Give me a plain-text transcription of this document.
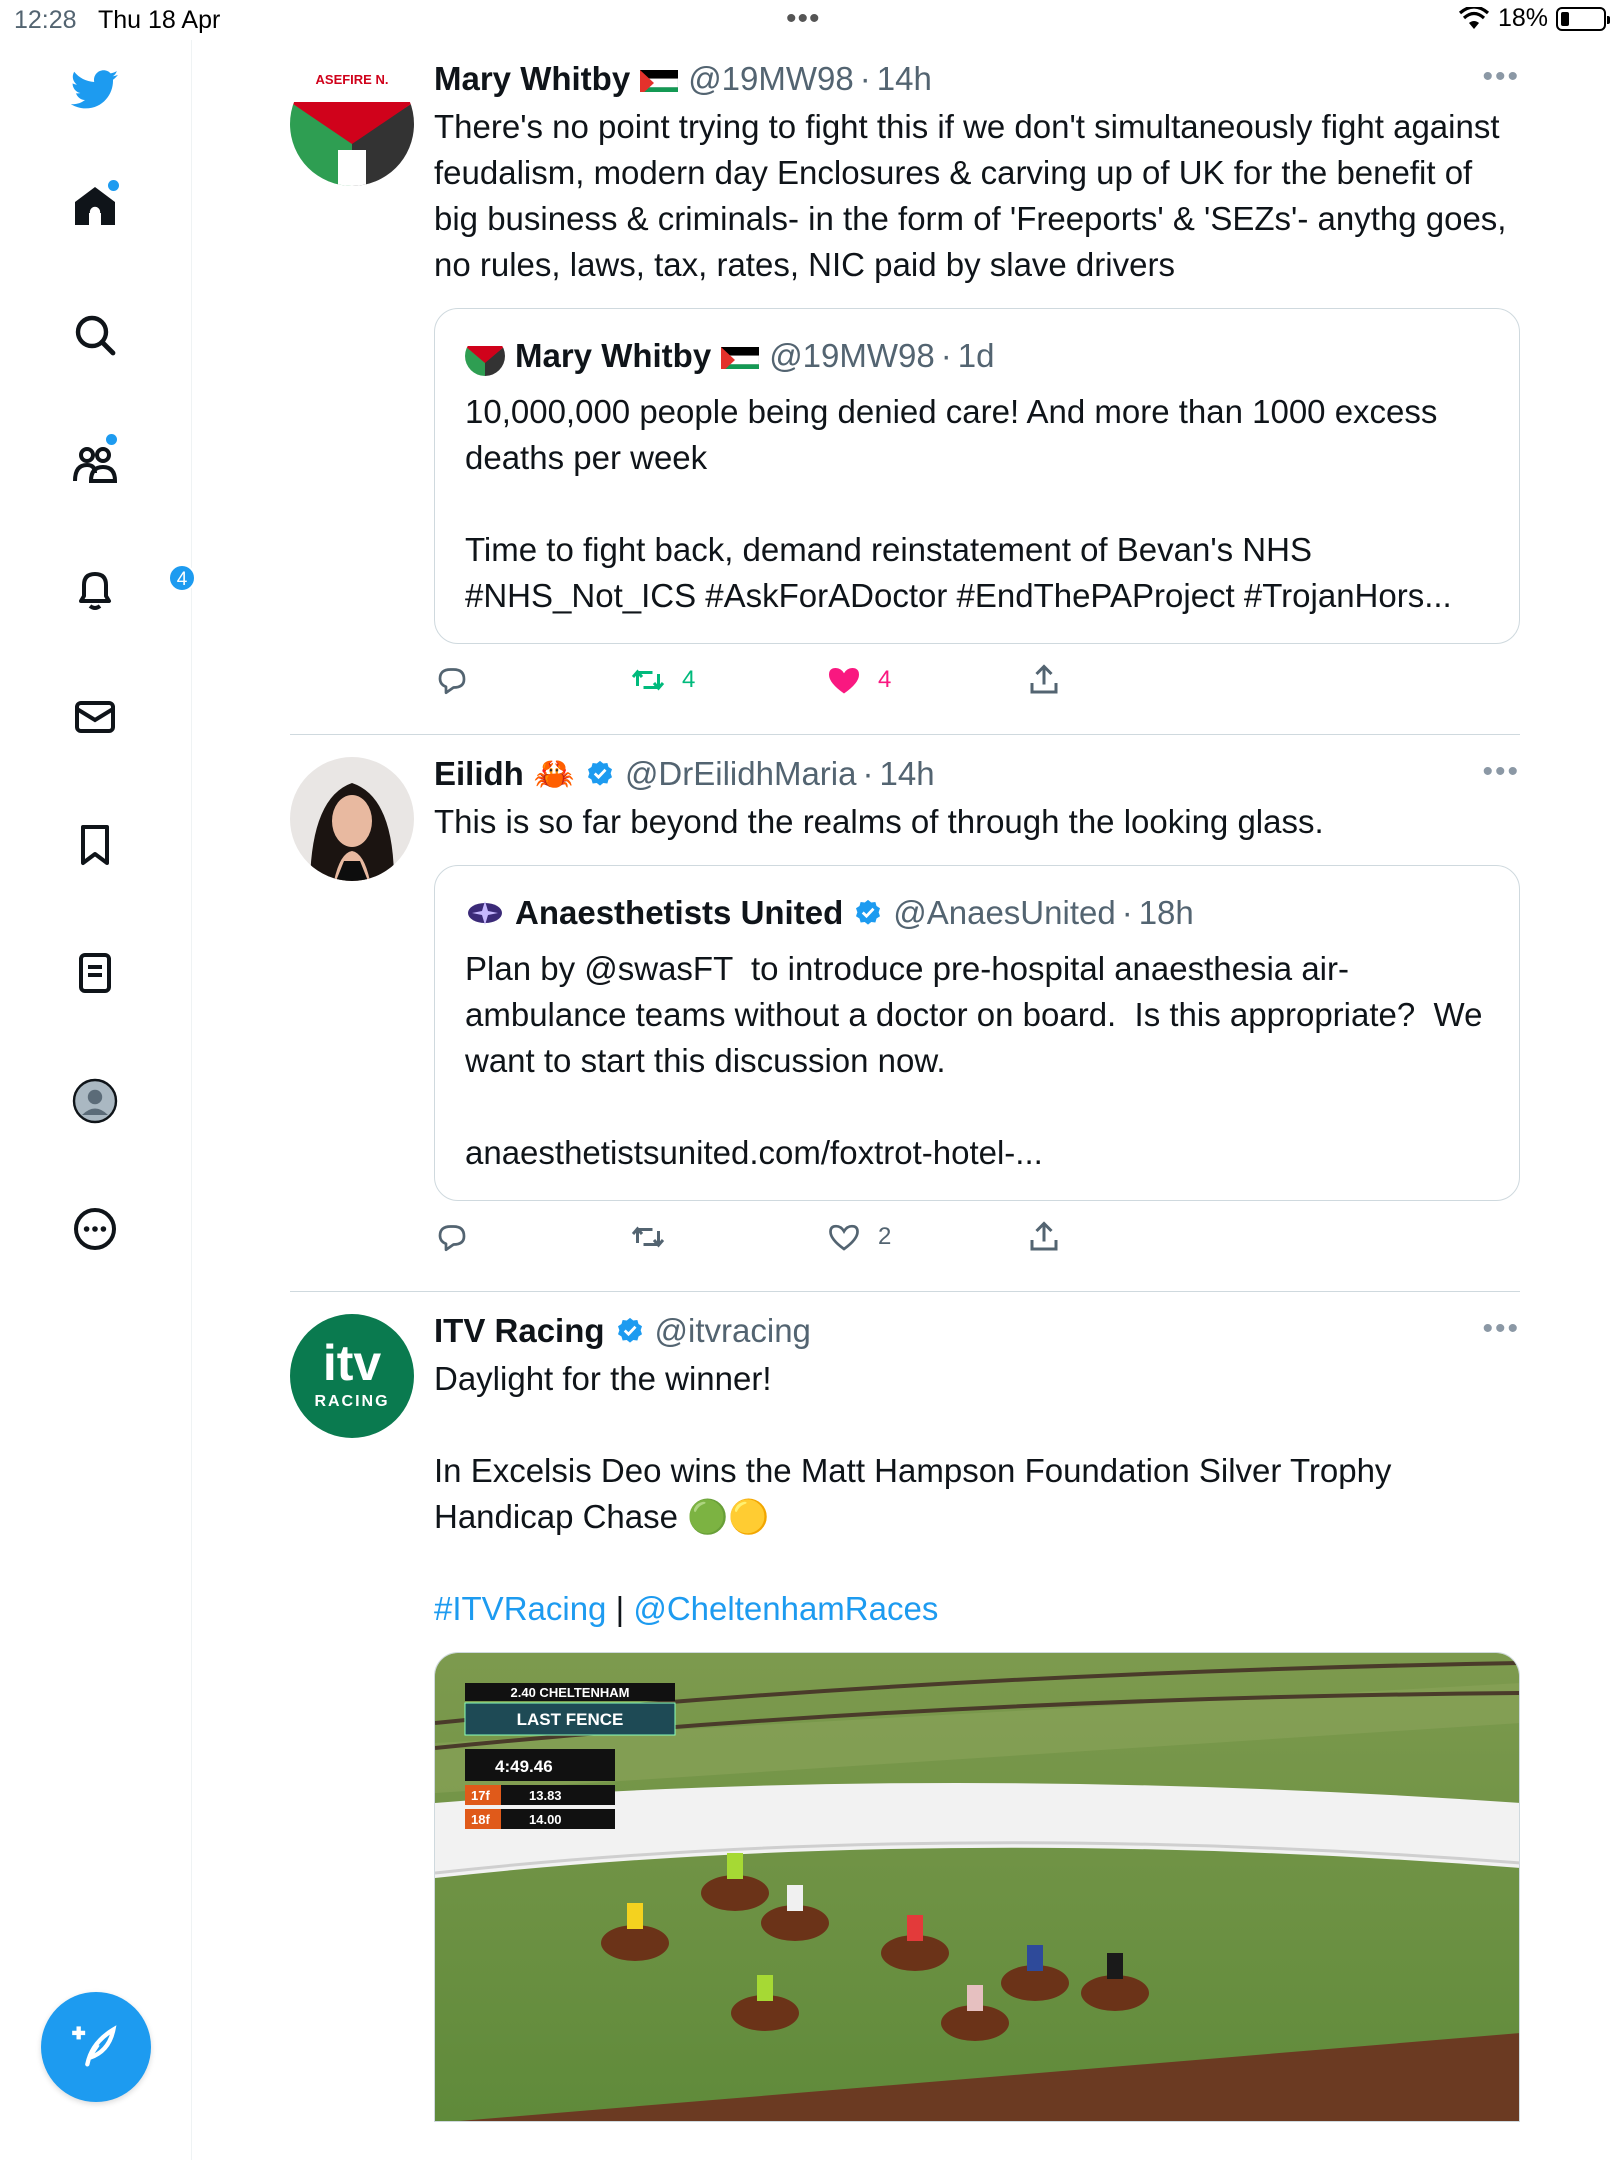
12:28 Thu 18 Apr	•••	18%
4
ASEFIRE N. Mary Whitby @19MW98 · 14h	•••
There's no point trying to fight this if we don't simultaneously fight against feudalism, modern day Enclosures & carving up of UK for the benefit of big business & criminals- in the form of 'Freeports' & 'SEZs'- anythg goes, no rules, laws, tax, rates, NIC paid by slave drivers
Mary Whitby @19MW98 · 1d
10,000,000 people being denied care! And more than 1000 excess deaths per week

Time to fight back, demand reinstatement of Bevan's NHS #NHS_Not_ICS #AskForADoctor #EndThePAProject #TrojanHors...
4	4
Eilidh 🦀 @DrEilidhMaria · 14h	•••
This is so far beyond the realms of through the looking glass.
Anaesthetists United @AnaesUnited · 18h
Plan by @swasFT  to introduce pre-hospital anaesthesia air-ambulance teams without a doctor on board.  Is this appropriate?  We want to start this discussion now.

anaesthetistsunited.com/foxtrot-hotel-...
2
itv
RACING
ITV Racing @itvracing	•••
Daylight for the winner!
In Excelsis Deo wins the Matt Hampson Foundation Silver Trophy Handicap Chase 🟢🟡
#ITVRacing | @CheltenhamRaces
2.40 CHELTENHAM
LAST FENCE
4:49.46
17f	13.83
18f	14.00
